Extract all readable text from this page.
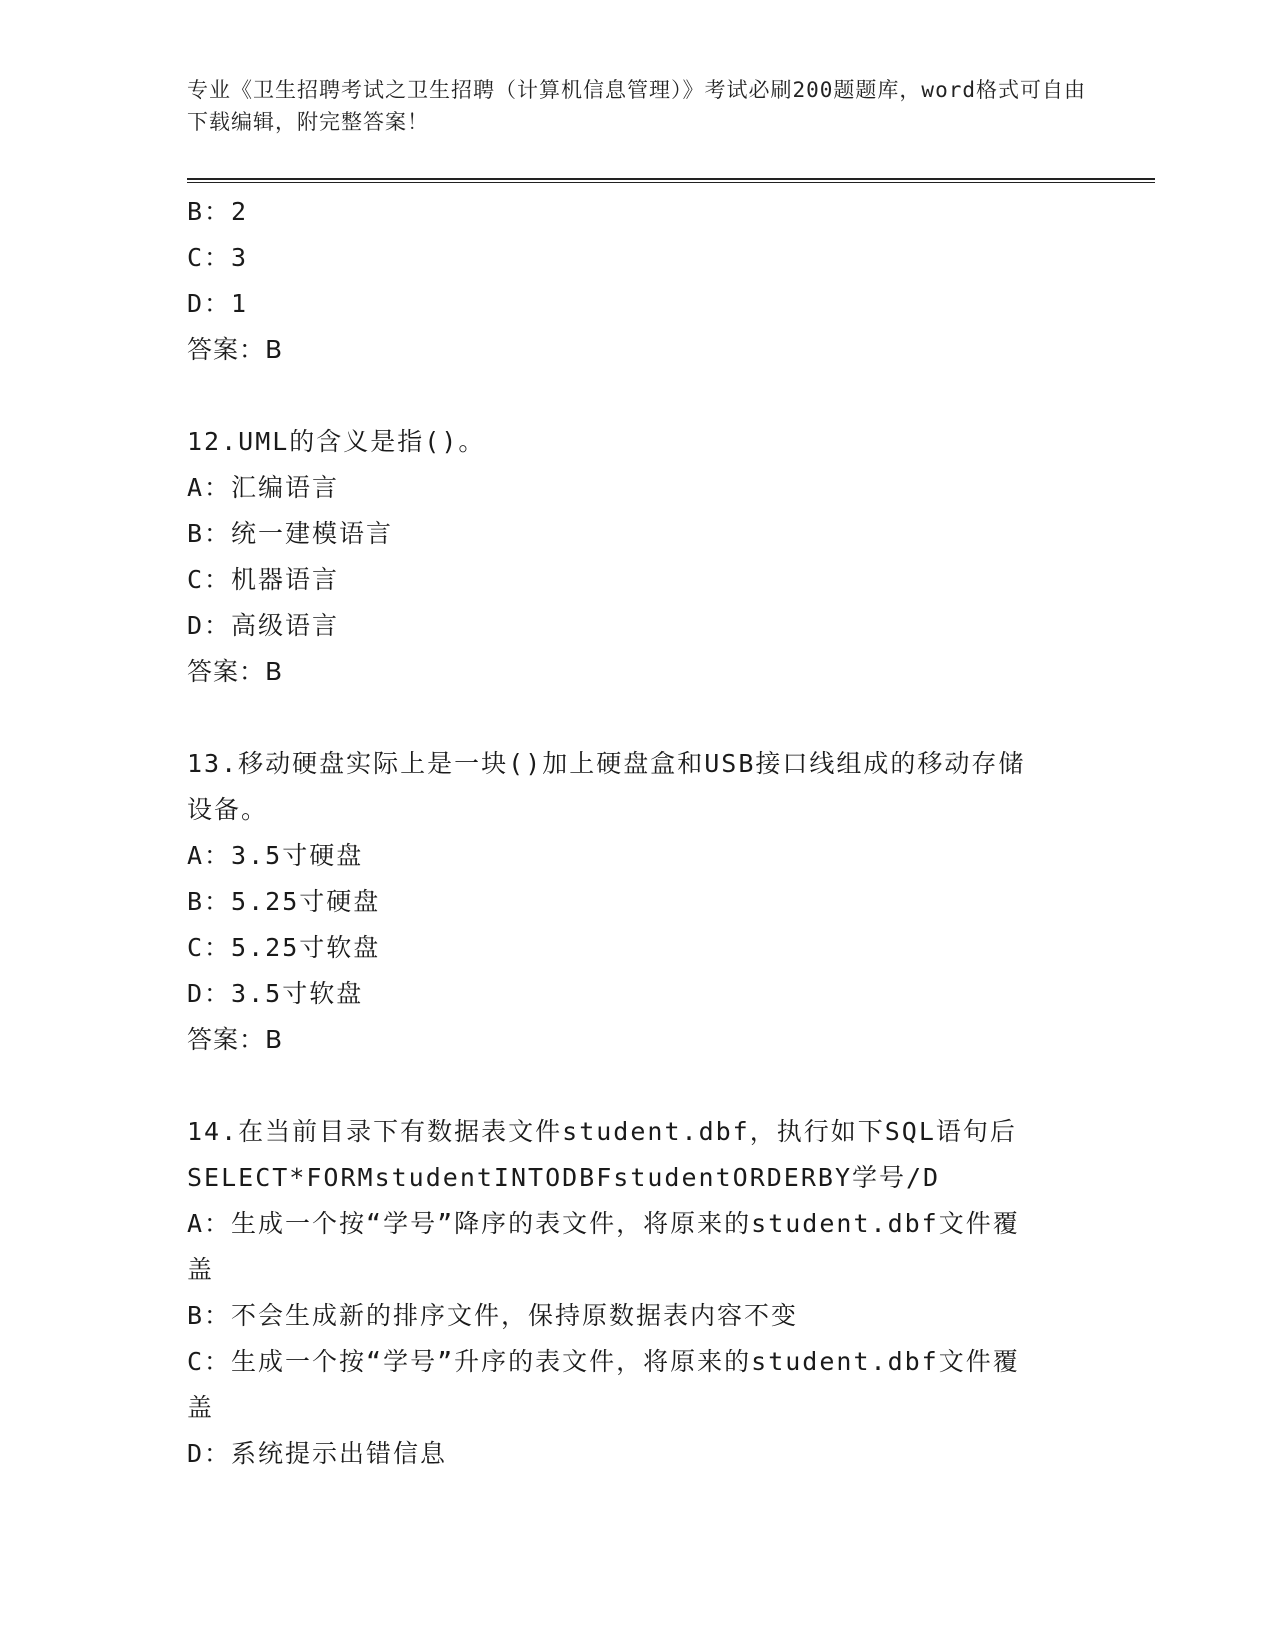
专业《卫生招聘考试之卫生招聘（计算机信息管理）》考试必刷200题题库，word格式可自由下载编辑，附完整答案！
B：2
C：3
D：1
答案：B
12.UML的含义是指()。
A：汇编语言
B：统一建模语言
C：机器语言
D：高级语言
答案：B
13.移动硬盘实际上是一块()加上硬盘盒和USB接口线组成的移动存储
设备。
A：3.5寸硬盘
B：5.25寸硬盘
C：5.25寸软盘
D：3.5寸软盘
答案：B
14.在当前目录下有数据表文件student.dbf，执行如下SQL语句后
SELECT*FORMstudentINTODBFstudentORDERBY学号/D
A：生成一个按“学号”降序的表文件，将原来的student.dbf文件覆
盖
B：不会生成新的排序文件，保持原数据表内容不变
C：生成一个按“学号”升序的表文件，将原来的student.dbf文件覆
盖
D：系统提示出错信息
